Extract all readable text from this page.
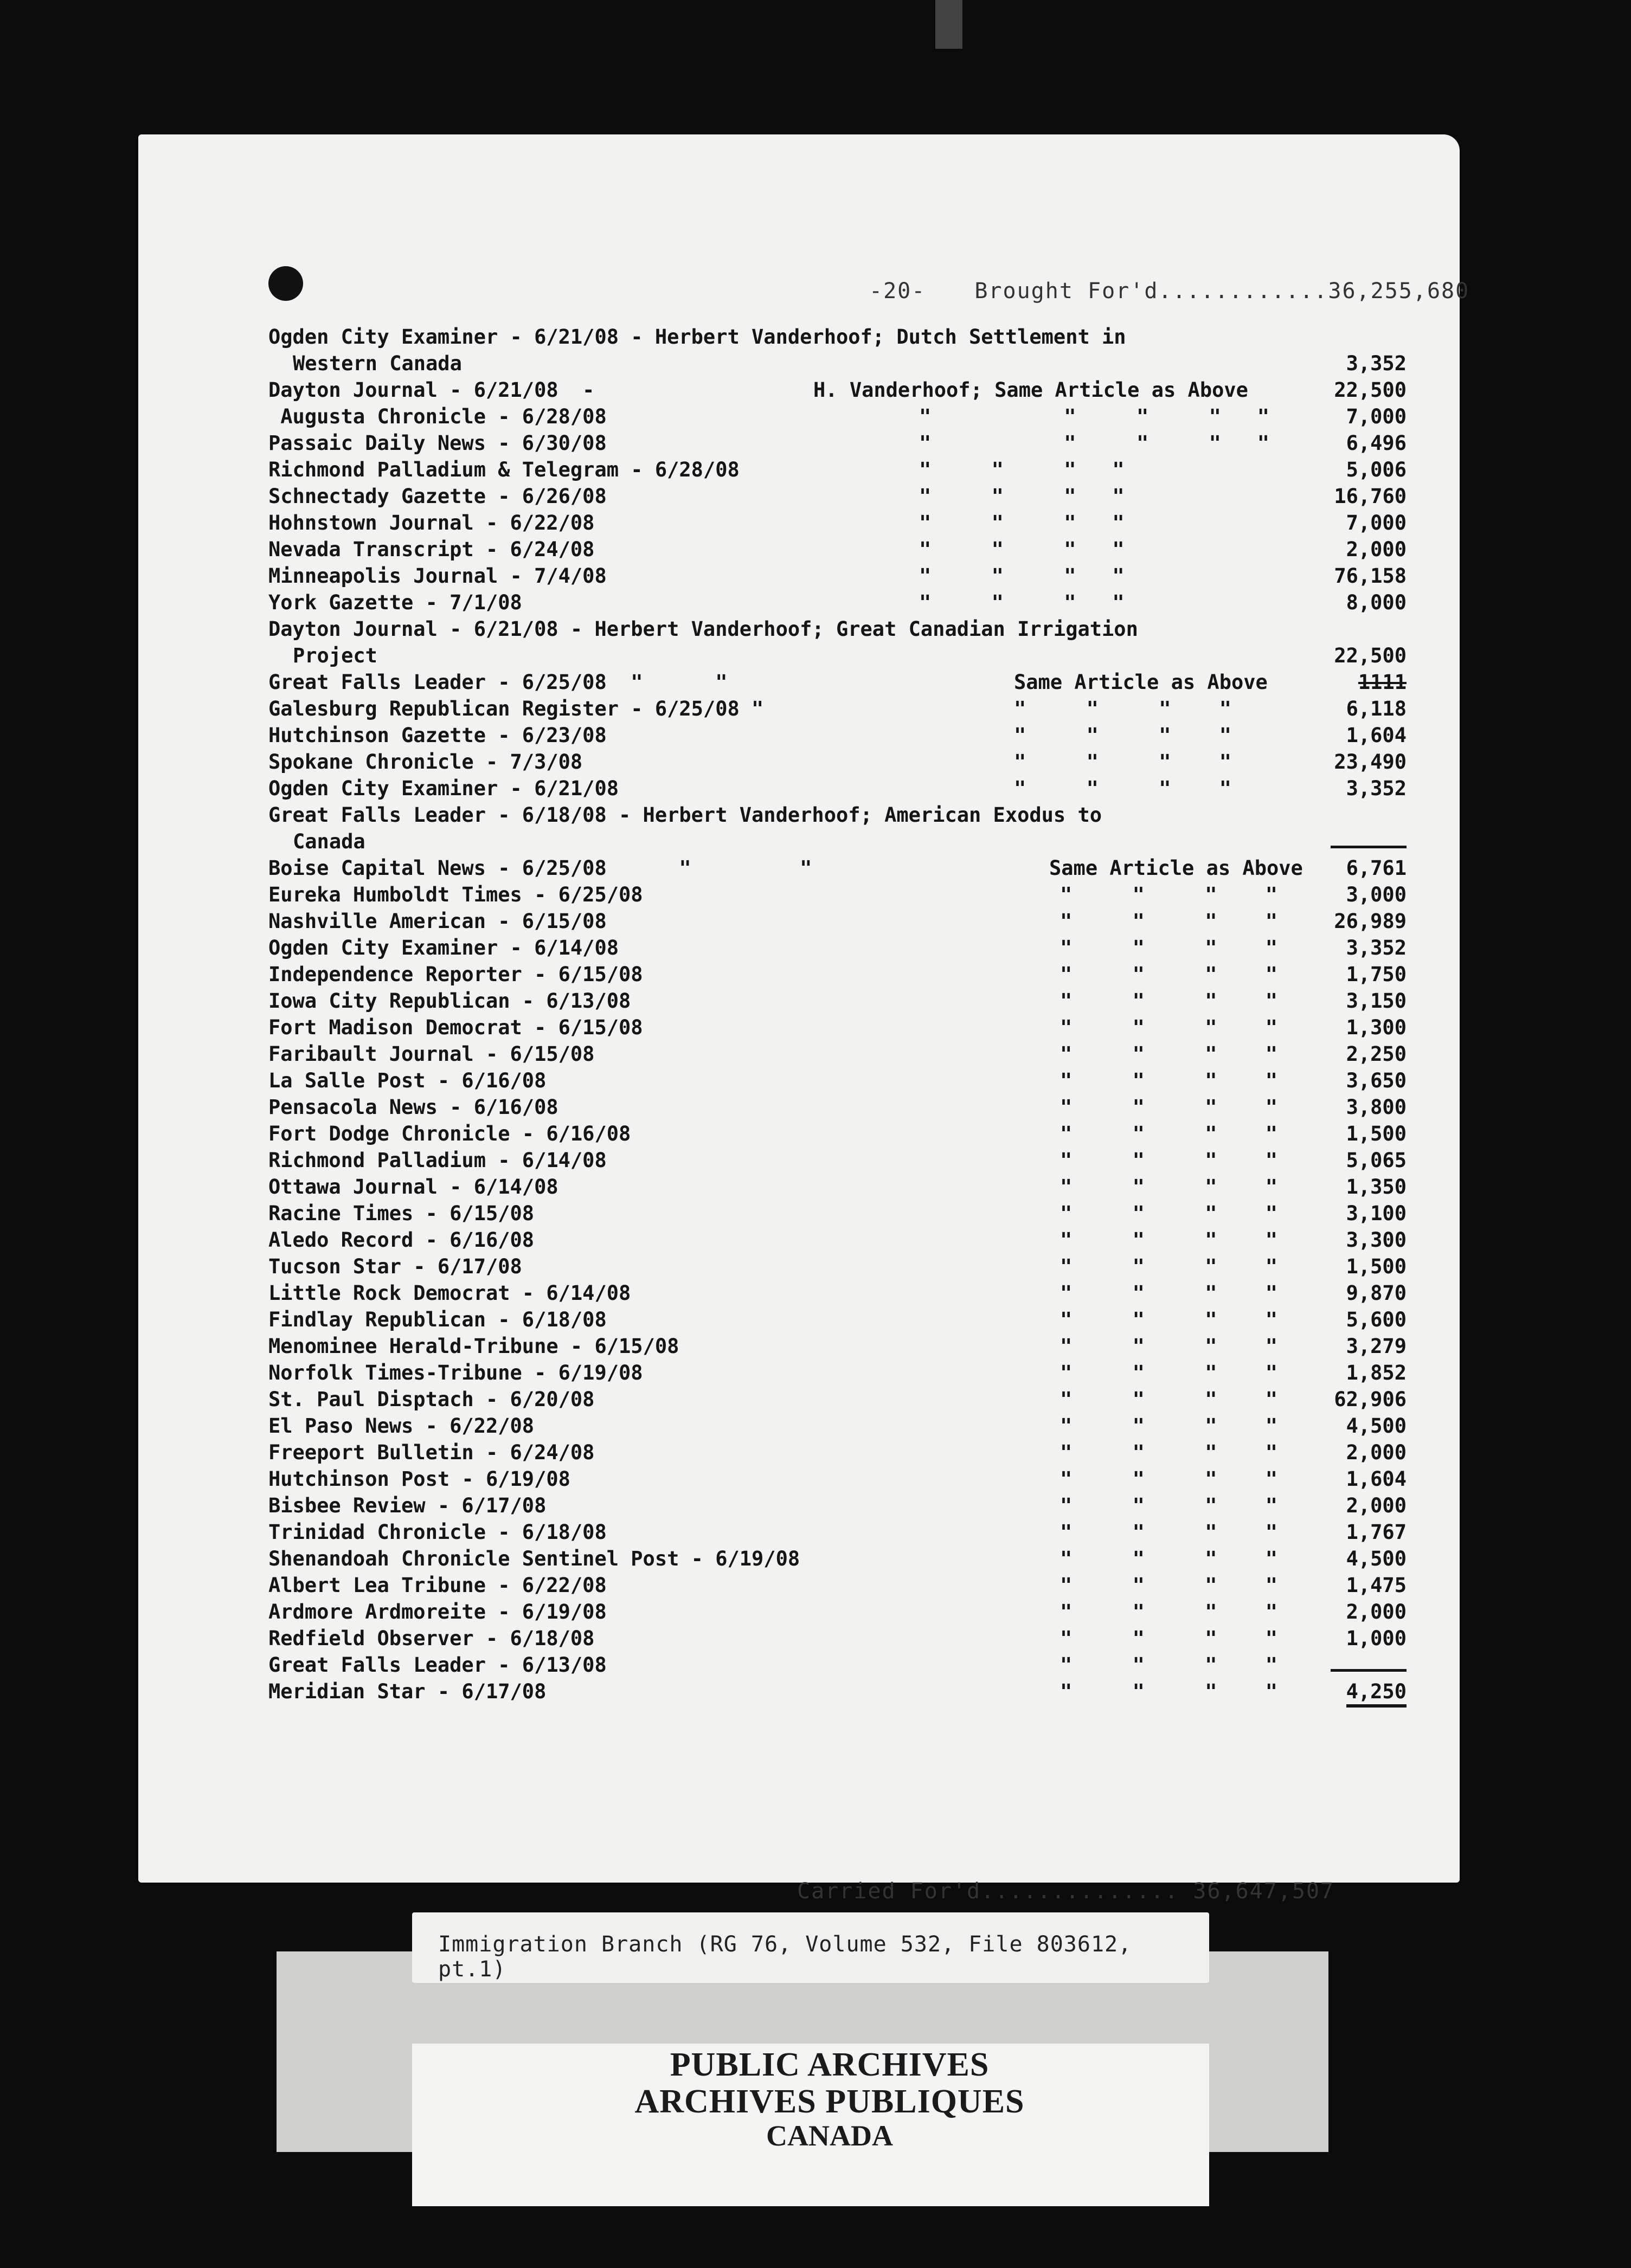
-20- Brought For'd............36,255,680
Ogden City Examiner - 6/21/08 - Herbert Vanderhoof; Dutch Settlement in
Western Canada	3,352
Dayton Journal - 6/21/08  -	H. Vanderhoof; Same Article as Above	22,500
Augusta Chronicle - 6/28/08	"           "     "     "   "	7,000
Passaic Daily News - 6/30/08	"           "     "     "   "	6,496
Richmond Palladium & Telegram - 6/28/08	"     "     "   "	5,006
Schnectady Gazette - 6/26/08	"     "     "   "	16,760
Hohnstown Journal - 6/22/08	"     "     "   "	7,000
Nevada Transcript - 6/24/08	"     "     "   "	2,000
Minneapolis Journal - 7/4/08	"     "     "   "	76,158
York Gazette - 7/1/08	"     "     "   "	8,000
Dayton Journal - 6/21/08 - Herbert Vanderhoof; Great Canadian Irrigation
Project	22,500
Great Falls Leader - 6/25/08  "      "	Same Article as Above	1111
Galesburg Republican Register - 6/25/08 "	"     "     "    "	6,118
Hutchinson Gazette - 6/23/08	"     "     "    "	1,604
Spokane Chronicle - 7/3/08	"     "     "    "	23,490
Ogden City Examiner - 6/21/08	"     "     "    "	3,352
Great Falls Leader - 6/18/08 - Herbert Vanderhoof; American Exodus to
Canada
Boise Capital News - 6/25/08      "         "	Same Article as Above 6,761
Eureka Humboldt Times - 6/25/08	"     "     "    "	3,000
Nashville American - 6/15/08	"     "     "    "	26,989
Ogden City Examiner - 6/14/08	"     "     "    "	3,352
Independence Reporter - 6/15/08	"     "     "    "	1,750
Iowa City Republican - 6/13/08	"     "     "    "	3,150
Fort Madison Democrat - 6/15/08	"     "     "    "	1,300
Faribault Journal - 6/15/08	"     "     "    "	2,250
La Salle Post - 6/16/08	"     "     "    "	3,650
Pensacola News - 6/16/08	"     "     "    "	3,800
Fort Dodge Chronicle - 6/16/08	"     "     "    "	1,500
Richmond Palladium - 6/14/08	"     "     "    "	5,065
Ottawa Journal - 6/14/08	"     "     "    "	1,350
Racine Times - 6/15/08	"     "     "    "	3,100
Aledo Record - 6/16/08	"     "     "    "	3,300
Tucson Star - 6/17/08	"     "     "    "	1,500
Little Rock Democrat - 6/14/08	"     "     "    "	9,870
Findlay Republican - 6/18/08	"     "     "    "	5,600
Menominee Herald-Tribune - 6/15/08	"     "     "    "	3,279
Norfolk Times-Tribune - 6/19/08	"     "     "    "	1,852
St. Paul Disptach - 6/20/08	"     "     "    "	62,906
El Paso News - 6/22/08	"     "     "    "	4,500
Freeport Bulletin - 6/24/08	"     "     "    "	2,000
Hutchinson Post - 6/19/08	"     "     "    "	1,604
Bisbee Review - 6/17/08	"     "     "    "	2,000
Trinidad Chronicle - 6/18/08	"     "     "    "	1,767
Shenandoah Chronicle Sentinel Post - 6/19/08	"     "     "    "	4,500
Albert Lea Tribune - 6/22/08	"     "     "    "	1,475
Ardmore Ardmoreite - 6/19/08	"     "     "    "	2,000
Redfield Observer - 6/18/08	"     "     "    "	1,000
Great Falls Leader - 6/13/08	"     "     "    "
Meridian Star - 6/17/08	"     "     "    "	4,250
Carried For'd.............. 36,647,507
Immigration Branch (RG 76, Volume 532, File 803612, pt.1)
PUBLIC ARCHIVES
ARCHIVES PUBLIQUES
CANADA
